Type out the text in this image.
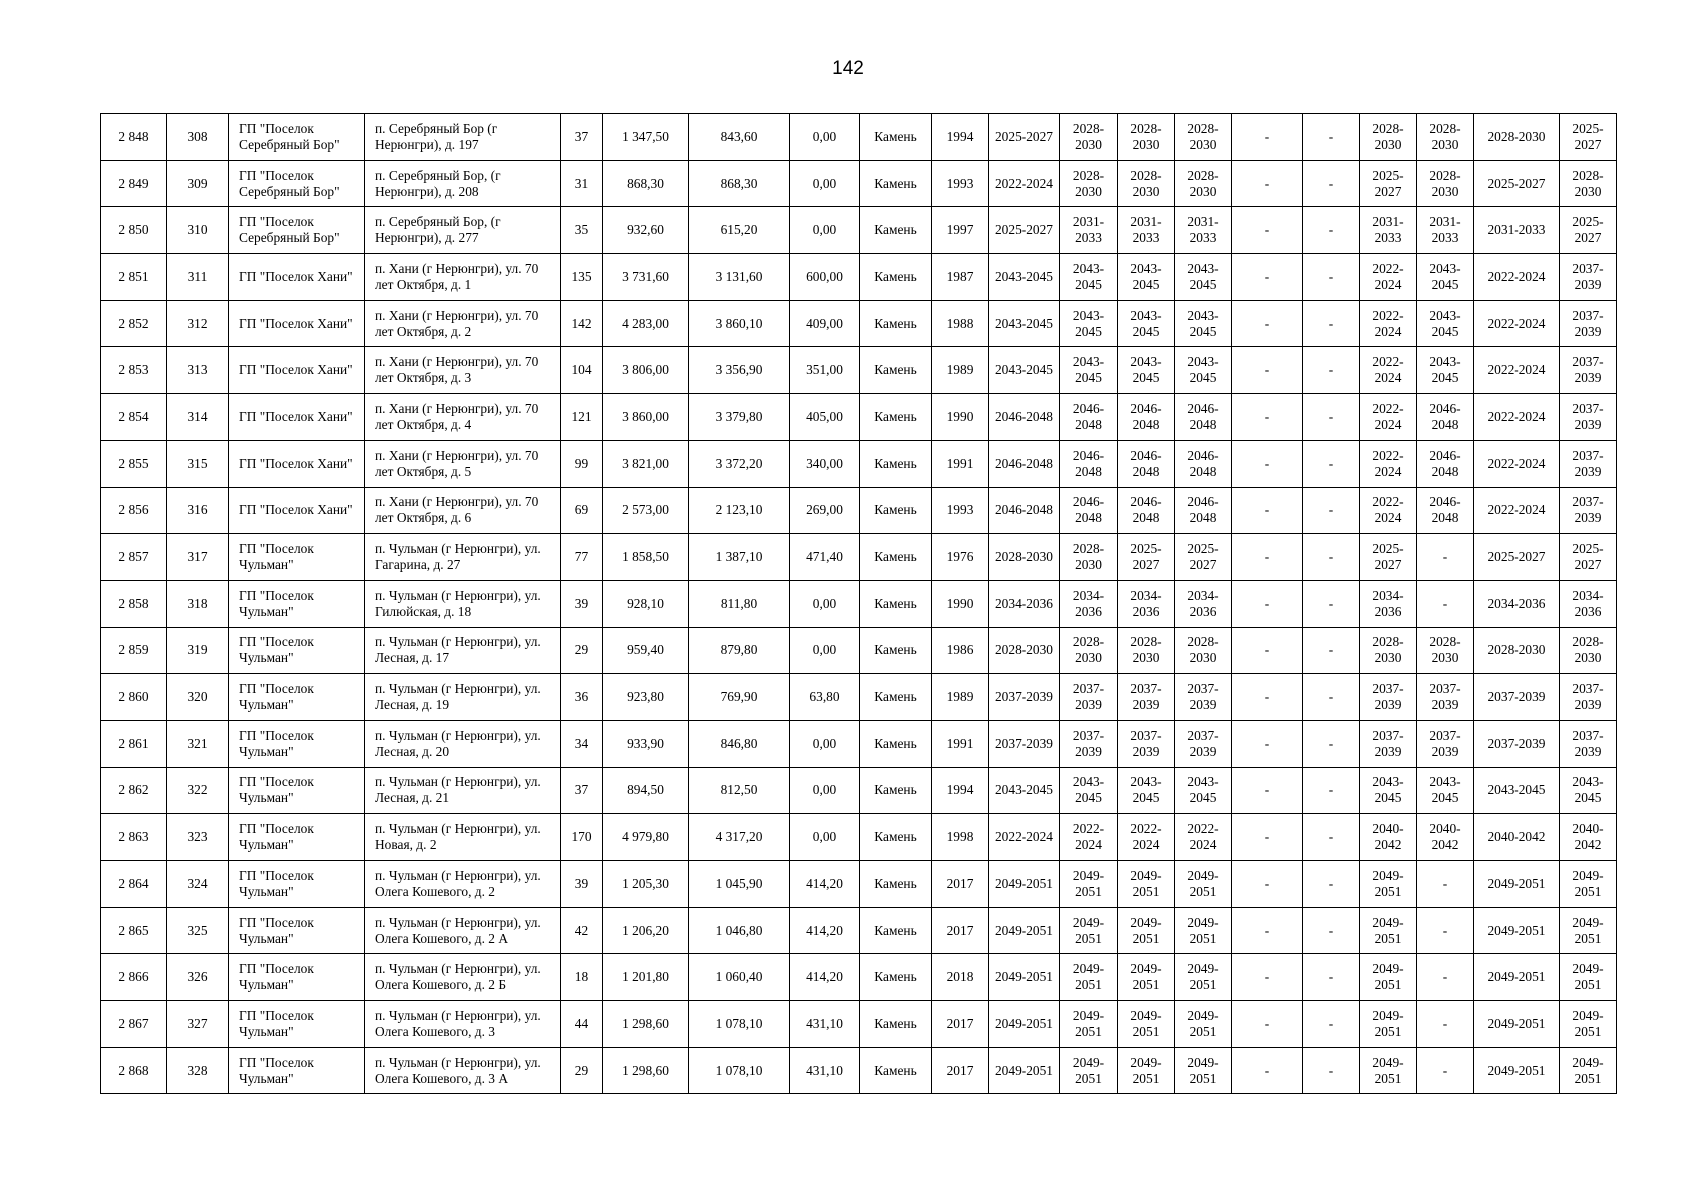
142
2 848	308	ГП "Поселок Серебряный Бор"	п. Серебряный Бор (г Нерюнгри), д. 197	37	1 347,50	843,60	0,00	Камень	1994	2025-2027	2028-2030	2028-2030	2028-2030	-	-	2028-2030	2028-2030	2028-2030	2025-2027
2 849	309	ГП "Поселок Серебряный Бор"	п. Серебряный Бор, (г Нерюнгри), д. 208	31	868,30	868,30	0,00	Камень	1993	2022-2024	2028-2030	2028-2030	2028-2030	-	-	2025-2027	2028-2030	2025-2027	2028-2030
2 850	310	ГП "Поселок Серебряный Бор"	п. Серебряный Бор, (г Нерюнгри), д. 277	35	932,60	615,20	0,00	Камень	1997	2025-2027	2031-2033	2031-2033	2031-2033	-	-	2031-2033	2031-2033	2031-2033	2025-2027
2 851	311	ГП "Поселок Хани"	п. Хани (г Нерюнгри), ул. 70 лет Октября, д. 1	135	3 731,60	3 131,60	600,00	Камень	1987	2043-2045	2043-2045	2043-2045	2043-2045	-	-	2022-2024	2043-2045	2022-2024	2037-2039
2 852	312	ГП "Поселок Хани"	п. Хани (г Нерюнгри), ул. 70 лет Октября, д. 2	142	4 283,00	3 860,10	409,00	Камень	1988	2043-2045	2043-2045	2043-2045	2043-2045	-	-	2022-2024	2043-2045	2022-2024	2037-2039
2 853	313	ГП "Поселок Хани"	п. Хани (г Нерюнгри), ул. 70 лет Октября, д. 3	104	3 806,00	3 356,90	351,00	Камень	1989	2043-2045	2043-2045	2043-2045	2043-2045	-	-	2022-2024	2043-2045	2022-2024	2037-2039
2 854	314	ГП "Поселок Хани"	п. Хани (г Нерюнгри), ул. 70 лет Октября, д. 4	121	3 860,00	3 379,80	405,00	Камень	1990	2046-2048	2046-2048	2046-2048	2046-2048	-	-	2022-2024	2046-2048	2022-2024	2037-2039
2 855	315	ГП "Поселок Хани"	п. Хани (г Нерюнгри), ул. 70 лет Октября, д. 5	99	3 821,00	3 372,20	340,00	Камень	1991	2046-2048	2046-2048	2046-2048	2046-2048	-	-	2022-2024	2046-2048	2022-2024	2037-2039
2 856	316	ГП "Поселок Хани"	п. Хани (г Нерюнгри), ул. 70 лет Октября, д. 6	69	2 573,00	2 123,10	269,00	Камень	1993	2046-2048	2046-2048	2046-2048	2046-2048	-	-	2022-2024	2046-2048	2022-2024	2037-2039
2 857	317	ГП "Поселок Чульман"	п. Чульман (г Нерюнгри), ул. Гагарина, д. 27	77	1 858,50	1 387,10	471,40	Камень	1976	2028-2030	2028-2030	2025-2027	2025-2027	-	-	2025-2027	-	2025-2027	2025-2027
2 858	318	ГП "Поселок Чульман"	п. Чульман (г Нерюнгри), ул. Гилюйская, д. 18	39	928,10	811,80	0,00	Камень	1990	2034-2036	2034-2036	2034-2036	2034-2036	-	-	2034-2036	-	2034-2036	2034-2036
2 859	319	ГП "Поселок Чульман"	п. Чульман (г Нерюнгри), ул. Лесная, д. 17	29	959,40	879,80	0,00	Камень	1986	2028-2030	2028-2030	2028-2030	2028-2030	-	-	2028-2030	2028-2030	2028-2030	2028-2030
2 860	320	ГП "Поселок Чульман"	п. Чульман (г Нерюнгри), ул. Лесная, д. 19	36	923,80	769,90	63,80	Камень	1989	2037-2039	2037-2039	2037-2039	2037-2039	-	-	2037-2039	2037-2039	2037-2039	2037-2039
2 861	321	ГП "Поселок Чульман"	п. Чульман (г Нерюнгри), ул. Лесная, д. 20	34	933,90	846,80	0,00	Камень	1991	2037-2039	2037-2039	2037-2039	2037-2039	-	-	2037-2039	2037-2039	2037-2039	2037-2039
2 862	322	ГП "Поселок Чульман"	п. Чульман (г Нерюнгри), ул. Лесная, д. 21	37	894,50	812,50	0,00	Камень	1994	2043-2045	2043-2045	2043-2045	2043-2045	-	-	2043-2045	2043-2045	2043-2045	2043-2045
2 863	323	ГП "Поселок Чульман"	п. Чульман (г Нерюнгри), ул. Новая, д. 2	170	4 979,80	4 317,20	0,00	Камень	1998	2022-2024	2022-2024	2022-2024	2022-2024	-	-	2040-2042	2040-2042	2040-2042	2040-2042
2 864	324	ГП "Поселок Чульман"	п. Чульман (г Нерюнгри), ул. Олега Кошевого, д. 2	39	1 205,30	1 045,90	414,20	Камень	2017	2049-2051	2049-2051	2049-2051	2049-2051	-	-	2049-2051	-	2049-2051	2049-2051
2 865	325	ГП "Поселок Чульман"	п. Чульман (г Нерюнгри), ул. Олега Кошевого, д. 2 А	42	1 206,20	1 046,80	414,20	Камень	2017	2049-2051	2049-2051	2049-2051	2049-2051	-	-	2049-2051	-	2049-2051	2049-2051
2 866	326	ГП "Поселок Чульман"	п. Чульман (г Нерюнгри), ул. Олега Кошевого, д. 2 Б	18	1 201,80	1 060,40	414,20	Камень	2018	2049-2051	2049-2051	2049-2051	2049-2051	-	-	2049-2051	-	2049-2051	2049-2051
2 867	327	ГП "Поселок Чульман"	п. Чульман (г Нерюнгри), ул. Олега Кошевого, д. 3	44	1 298,60	1 078,10	431,10	Камень	2017	2049-2051	2049-2051	2049-2051	2049-2051	-	-	2049-2051	-	2049-2051	2049-2051
2 868	328	ГП "Поселок Чульман"	п. Чульман (г Нерюнгри), ул. Олега Кошевого, д. 3 А	29	1 298,60	1 078,10	431,10	Камень	2017	2049-2051	2049-2051	2049-2051	2049-2051	-	-	2049-2051	-	2049-2051	2049-2051
